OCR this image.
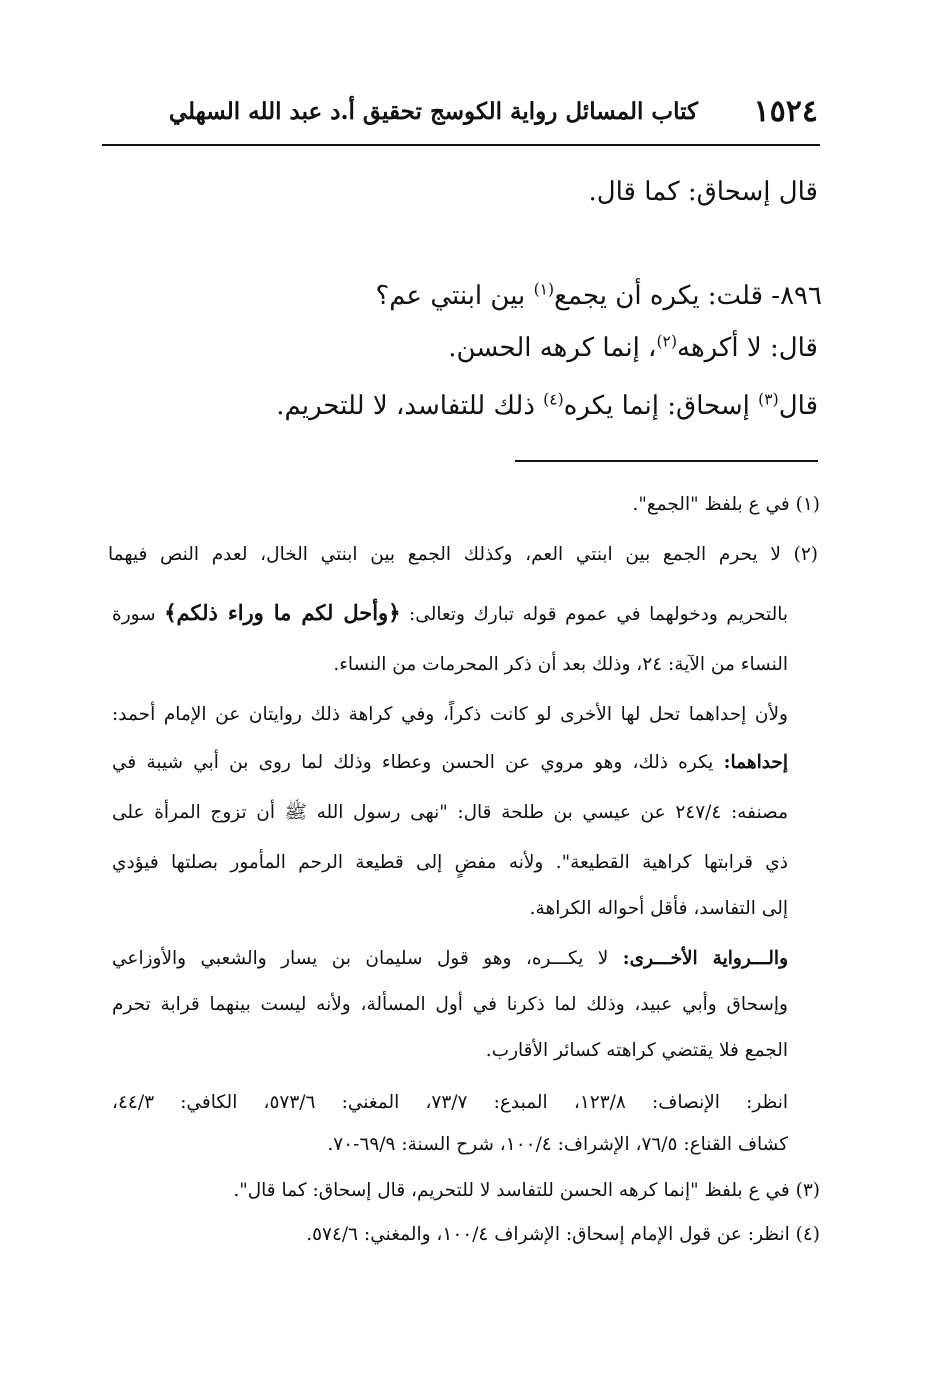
١٥٢٤
كتاب المسائل رواية الكوسج تحقيق أ.د عبد الله السهلي
قال إسحاق: كما قال.
٨٩٦- قلت: يكره أن يجمع$^{(١)}$ بين ابنتي عم؟
قال: لا أكرهه$^{(٢)}$، إنما كرهه الحسن.
قال$^{(٣)}$ إسحاق: إنما يكره$^{(٤)}$ ذلك للتفاسد، لا للتحريم.
(١) في ع بلفظ "الجمع".
(٢) لا يحرم الجمع بين ابنتي العم، وكذلك الجمع بين ابنتي الخال، لعدم النص فيهما
بالتحريم ودخولهما في عموم قوله تبارك وتعالى: ﴿وأحل لكم ما وراء ذلكم﴾ سورة
النساء من الآية: ٢٤، وذلك بعد أن ذكر المحرمات من النساء.
ولأن إحداهما تحل لها الأخرى لو كانت ذكراً، وفي كراهة ذلك روايتان عن الإمام أحمد:
إحداهما: يكره ذلك، وهو مروي عن الحسن وعطاء وذلك لما روى بن أبي شيبة في
مصنفه: ٢٤٧/٤ عن عيسي بن طلحة قال: "نهى رسول الله ﷺ أن تزوج المرأة على
ذي قرابتها كراهية القطيعة". ولأنه مفضٍ إلى قطيعة الرحم المأمور بصلتها فيؤدي
إلى التفاسد، فأقل أحواله الكراهة.
والـــرواية الأخـــرى: لا يكـــره، وهو قول سليمان بن يسار والشعبي والأوزاعي
وإسحاق وأبي عبيد، وذلك لما ذكرنا في أول المسألة، ولأنه ليست بينهما قرابة تحرم
الجمع فلا يقتضي كراهته كسائر الأقارب.
انظر: الإنصاف: ١٢٣/٨، المبدع: ٧٣/٧، المغني: ٥٧٣/٦، الكافي: ٤٤/٣،
كشاف القناع: ٧٦/٥، الإشراف: ١٠٠/٤، شرح السنة: ٦٩/٩-٧٠.
(٣) في ع بلفظ "إنما كرهه الحسن للتفاسد لا للتحريم، قال إسحاق: كما قال".
(٤) انظر: عن قول الإمام إسحاق: الإشراف ١٠٠/٤، والمغني: ٥٧٤/٦.
